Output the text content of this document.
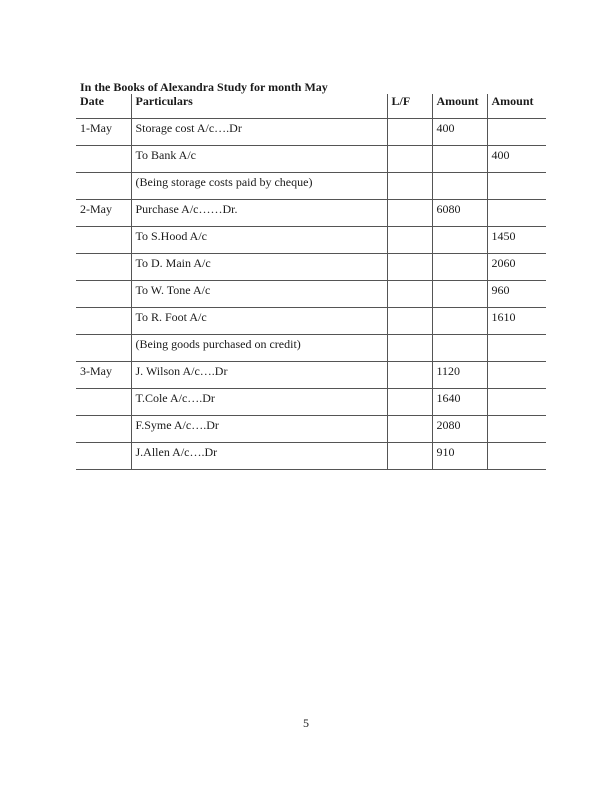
In the Books of Alexandra Study for month May
Date	Particulars	L/F	Amount	Amount
1-May	Storage cost A/c….Dr		400	
	To Bank A/c			400
	(Being storage costs paid by cheque)			
2-May	Purchase A/c……Dr.		6080	
	To S.Hood A/c			1450
	To D. Main A/c			2060
	To W. Tone A/c			960
	To R. Foot A/c			1610
	(Being goods purchased on credit)			
3-May	J. Wilson A/c….Dr		1120	
	T.Cole A/c….Dr		1640	
	F.Syme A/c….Dr		2080	
	J.Allen A/c….Dr		910	
5
